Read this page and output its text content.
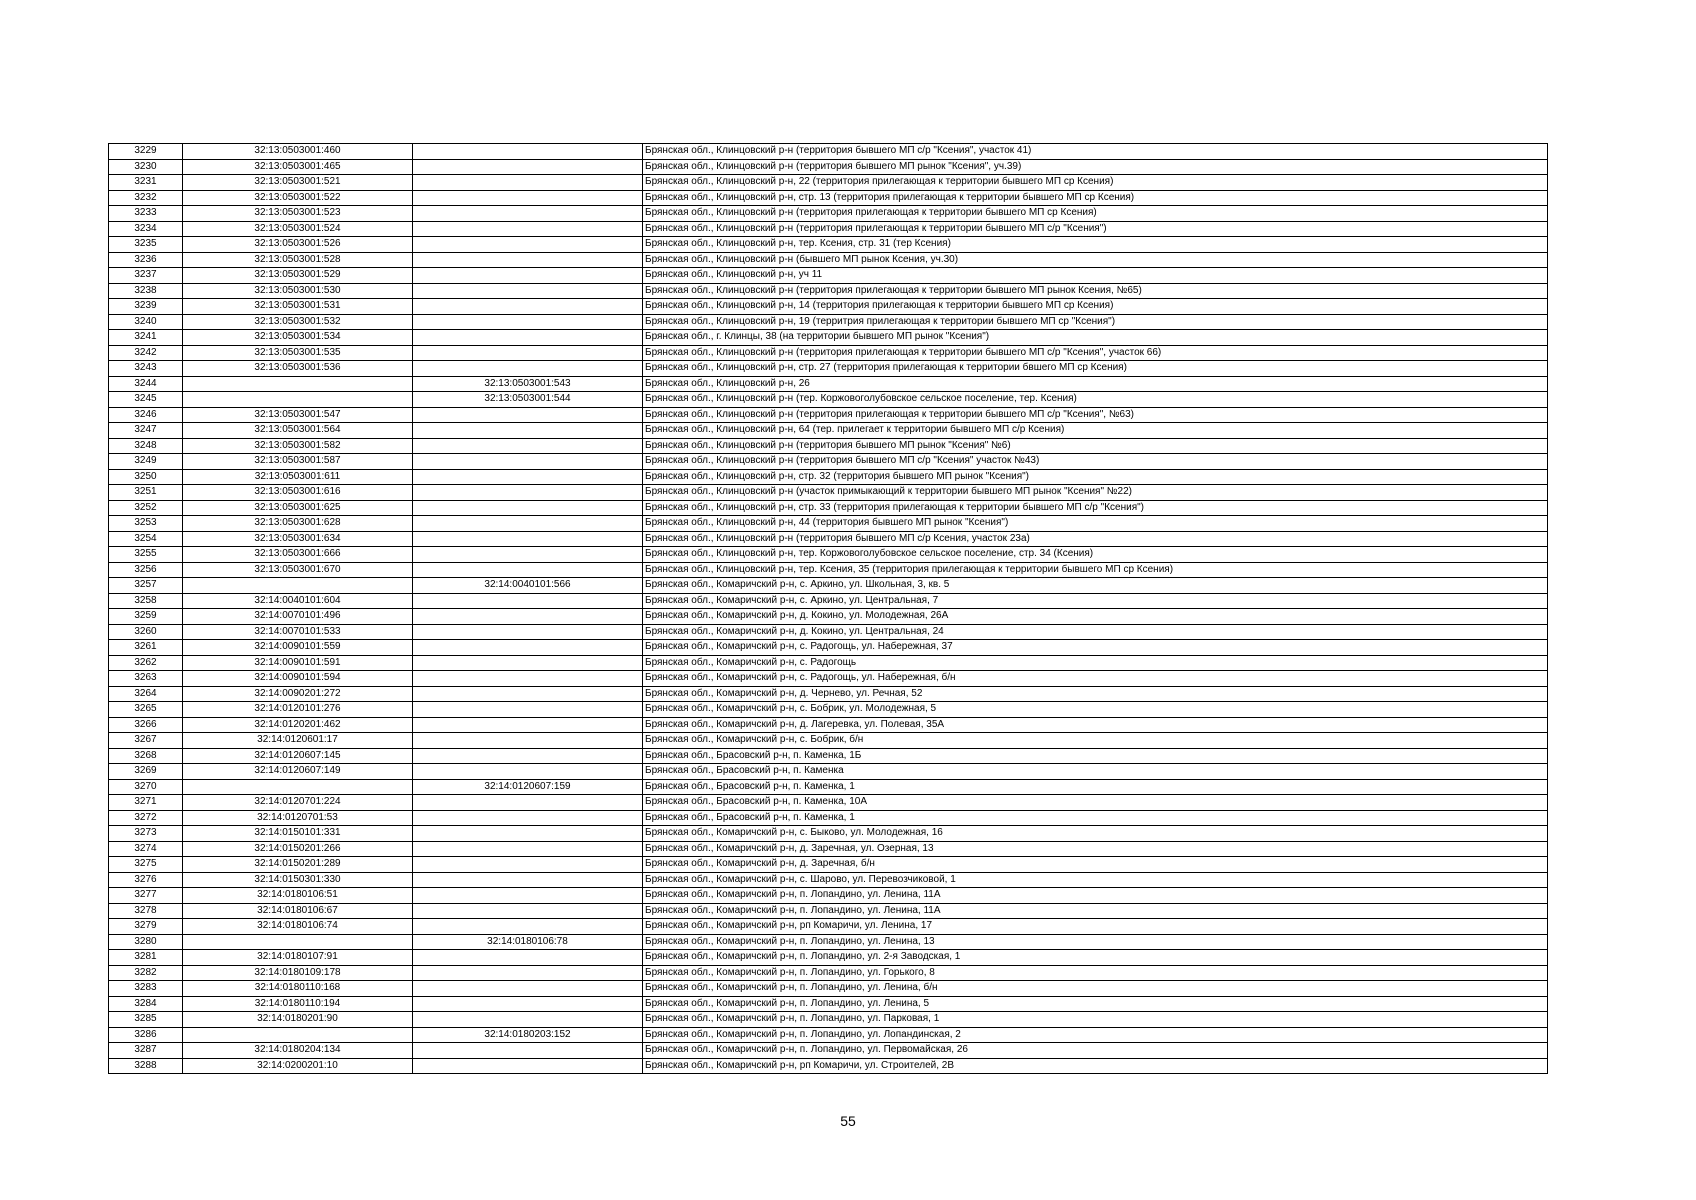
3229	32:13:0503001:460		Брянская обл., Клинцовский р-н (территория бывшего МП с/р "Ксения", участок 41)
3230	32:13:0503001:465		Брянская обл., Клинцовский р-н (территория бывшего МП рынок "Ксения", уч.39)
3231	32:13:0503001:521		Брянская обл., Клинцовский р-н, 22 (территория прилегающая к территории бывшего МП ср Ксения)
3232	32:13:0503001:522		Брянская обл., Клинцовский р-н, стр. 13 (территория прилегающая к территории бывшего МП ср Ксения)
3233	32:13:0503001:523		Брянская обл., Клинцовский р-н (территория прилегающая к территории бывшего МП ср Ксения)
3234	32:13:0503001:524		Брянская обл., Клинцовский р-н (территория прилегающая к территории бывшего МП с/р "Ксения")
3235	32:13:0503001:526		Брянская обл., Клинцовский р-н, тер. Ксения, стр. 31 (тер Ксения)
3236	32:13:0503001:528		Брянская обл., Клинцовский р-н (бывшего МП рынок Ксения, уч.30)
3237	32:13:0503001:529		Брянская обл., Клинцовский р-н, уч 11
3238	32:13:0503001:530		Брянская обл., Клинцовский р-н (территория прилегающая к территории бывшего МП рынок Ксения, №65)
3239	32:13:0503001:531		Брянская обл., Клинцовский р-н, 14 (территория прилегающая к территории бывшего МП ср Ксения)
3240	32:13:0503001:532		Брянская обл., Клинцовский р-н, 19 (территрия прилегающая к территории бывшего МП ср "Ксения")
3241	32:13:0503001:534		Брянская обл., г. Клинцы, 38 (на территории бывшего МП рынок "Ксения")
3242	32:13:0503001:535		Брянская обл., Клинцовский р-н (территория прилегающая к территории бывшего МП с/р "Ксения", участок 66)
3243	32:13:0503001:536		Брянская обл., Клинцовский р-н, стр. 27 (территория прилегающая к территории бвшего МП ср Ксения)
3244		32:13:0503001:543	Брянская обл., Клинцовский р-н, 26
3245		32:13:0503001:544	Брянская обл., Клинцовский р-н (тер. Коржовоголубовское сельское поселение, тер. Ксения)
3246	32:13:0503001:547		Брянская обл., Клинцовский р-н (территория прилегающая к территории бывшего МП с/р "Ксения", №63)
3247	32:13:0503001:564		Брянская обл., Клинцовский р-н, 64 (тер. прилегает к территории бывшего МП с/р Ксения)
3248	32:13:0503001:582		Брянская обл., Клинцовский р-н (территория бывшего МП рынок "Ксения" №6)
3249	32:13:0503001:587		Брянская обл., Клинцовский р-н (территория бывшего МП с/р "Ксения" участок №43)
3250	32:13:0503001:611		Брянская обл., Клинцовский р-н, стр. 32 (территория бывшего МП рынок "Ксения")
3251	32:13:0503001:616		Брянская обл., Клинцовский р-н (участок примыкающий к территории бывшего МП рынок "Ксения" №22)
3252	32:13:0503001:625		Брянская обл., Клинцовский р-н, стр. 33 (территория прилегающая к территории бывшего МП с/р "Ксения")
3253	32:13:0503001:628		Брянская обл., Клинцовский р-н, 44 (территория бывшего МП рынок "Ксения")
3254	32:13:0503001:634		Брянская обл., Клинцовский р-н (территория бывшего МП с/р Ксения, участок 23а)
3255	32:13:0503001:666		Брянская обл., Клинцовский р-н, тер. Коржовоголубовское сельское поселение, стр. 34 (Ксения)
3256	32:13:0503001:670		Брянская обл., Клинцовский р-н, тер. Ксения, 35 (территория прилегающая к территории бывшего МП ср Ксения)
3257		32:14:0040101:566	Брянская обл., Комаричский р-н, с. Аркино, ул. Школьная, 3, кв. 5
3258	32:14:0040101:604		Брянская обл., Комаричский р-н, с. Аркино, ул. Центральная, 7
3259	32:14:0070101:496		Брянская обл., Комаричский р-н, д. Кокино, ул. Молодежная, 26А
3260	32:14:0070101:533		Брянская обл., Комаричский р-н, д. Кокино, ул. Центральная, 24
3261	32:14:0090101:559		Брянская обл., Комаричский р-н, с. Радогощь, ул. Набережная, 37
3262	32:14:0090101:591		Брянская обл., Комаричский р-н, с. Радогощь
3263	32:14:0090101:594		Брянская обл., Комаричский р-н, с. Радогощь, ул. Набережная, б/н
3264	32:14:0090201:272		Брянская обл., Комаричский р-н, д. Чернево, ул. Речная, 52
3265	32:14:0120101:276		Брянская обл., Комаричский р-н, с. Бобрик, ул. Молодежная, 5
3266	32:14:0120201:462		Брянская обл., Комаричский р-н, д. Лагеревка, ул. Полевая, 35А
3267	32:14:0120601:17		Брянская обл., Комаричский р-н, с. Бобрик, б/н
3268	32:14:0120607:145		Брянская обл., Брасовский р-н, п. Каменка, 1Б
3269	32:14:0120607:149		Брянская обл., Брасовский р-н, п. Каменка
3270		32:14:0120607:159	Брянская обл., Брасовский р-н, п. Каменка, 1
3271	32:14:0120701:224		Брянская обл., Брасовский р-н, п. Каменка, 10А
3272	32:14:0120701:53		Брянская обл., Брасовский р-н, п. Каменка, 1
3273	32:14:0150101:331		Брянская обл., Комаричский р-н, с. Быково, ул. Молодежная, 16
3274	32:14:0150201:266		Брянская обл., Комаричский р-н, д. Заречная, ул. Озерная, 13
3275	32:14:0150201:289		Брянская обл., Комаричский р-н, д. Заречная, б/н
3276	32:14:0150301:330		Брянская обл., Комаричский р-н, с. Шарово, ул. Перевозчиковой, 1
3277	32:14:0180106:51		Брянская обл., Комаричский р-н, п. Лопандино, ул. Ленина, 11А
3278	32:14:0180106:67		Брянская обл., Комаричский р-н, п. Лопандино, ул. Ленина, 11А
3279	32:14:0180106:74		Брянская обл., Комаричский р-н, рп Комаричи, ул. Ленина, 17
3280		32:14:0180106:78	Брянская обл., Комаричский р-н, п. Лопандино, ул. Ленина, 13
3281	32:14:0180107:91		Брянская обл., Комаричский р-н, п. Лопандино, ул. 2-я Заводская, 1
3282	32:14:0180109:178		Брянская обл., Комаричский р-н, п. Лопандино, ул. Горького, 8
3283	32:14:0180110:168		Брянская обл., Комаричский р-н, п. Лопандино, ул. Ленина, б/н
3284	32:14:0180110:194		Брянская обл., Комаричский р-н, п. Лопандино, ул. Ленина, 5
3285	32:14:0180201:90		Брянская обл., Комаричский р-н, п. Лопандино, ул. Парковая, 1
3286		32:14:0180203:152	Брянская обл., Комаричский р-н, п. Лопандино, ул. Лопандинская, 2
3287	32:14:0180204:134		Брянская обл., Комаричский р-н, п. Лопандино, ул. Первомайская, 26
3288	32:14:0200201:10		Брянская обл., Комаричский р-н, рп Комаричи, ул. Строителей, 2В
55
